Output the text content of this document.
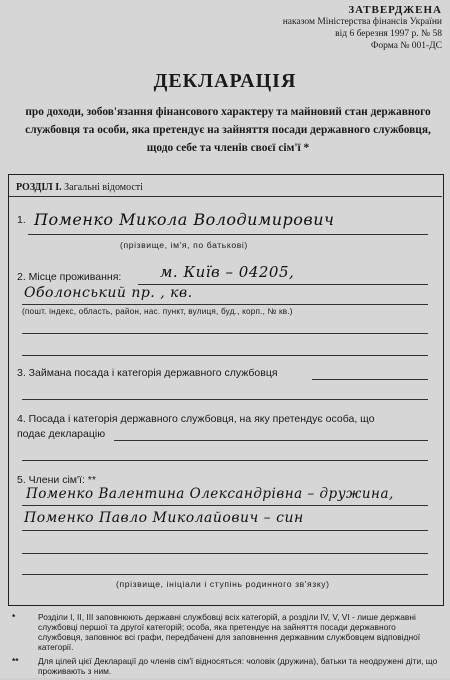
ЗАТВЕРДЖЕНА
наказом Міністерства фінансів України
від 6 березня 1997 р. № 58
Форма № 001-ДС
ДЕКЛАРАЦІЯ
про доходи, зобов'язання фінансового характеру та майновий стан державного службовця та особи, яка претендує на зайняття посади державного службовця, щодо себе та членів своєї сім'ї *
РОЗДІЛ І. Загальні відомості
1. Поменко Микола Володимирович
(прізвище, ім'я, по батькові)
2. Місце проживання:	м. Київ – 04205,
Оболонський пр. , кв.
(пошт. індекс, область, район, нас. пункт, вулиця, буд., корп., № кв.)
3. Займана посада і категорія державного службовця
4. Посада і категорія державного службовця, на яку претендує особа, що
подає декларацію
5. Члени сім'ї: **
Поменко Валентина Олександрівна – дружина,
Поменко Павло Миколайович – син
(прізвище, ініціали і ступінь родинного зв'язку)
*	Розділи I, II, III заповнюють державні службовці всіх категорій, а розділи IV, V, VI - лише державні службовці першої та другої категорій; особа, яка претендує на зайняття посади державного службовця, заповнює всі графи, передбачені для заповнення державним службовцем відповідної категорії.
**	Для цілей цієї Декларації до членів сім'ї відносяться: чоловік (дружина), батьки та неодружені діти, що проживають з ним.
